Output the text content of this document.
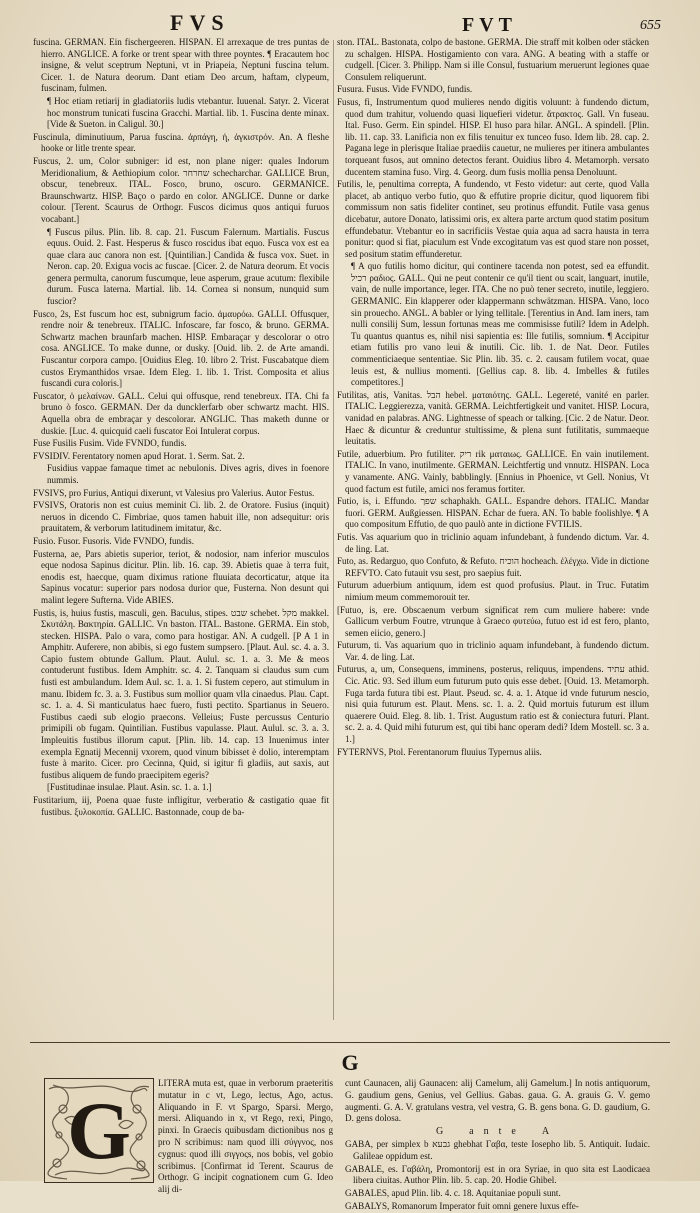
FVS	FVT	655

fuscina. GERMAN. Ein fischergeeren. HISPAN. El arrexaque de tres puntas de hierro. ANGLICE. A forke or trent spear with three poyntes. ¶ Eracautem hoc insigne, & velut sceptrum Neptuni, vt in Priapeia, Neptuni fuscina telum. Cicer. 1. de Natura deorum. Dant etiam Deo arcum, haftam, clypeum, fuscinam, fulmen.

¶ Hoc etiam retiarij in gladiatoriis ludis vtebantur. Iuuenal. Satyr. 2. Vicerat hoc monstrum tunicati fuscina Gracchi. Martial. lib. 1. Fuscina dente minax. [Vide & Sueton. in Caligul. 30.]

Fuscinula, diminutiuum, Parua fuscina. ἁρπάγη, ἡ, ἁγκιστρόν. An. A fleshe hooke or litle trente spear.

Fuscus, 2. um, Color subniger: id est, non plane niger: quales Indorum Meridionalium, & Aethiopium color. שחרחר schecharchar. GALLICE Brun, obscur, tenebreux. ITAL. Fosco, bruno, oscuro. GERMANICE. Braunschwartz. HISP. Baço o pardo en color. ANGLICE. Dunne or darke colour. [Terent. Scaurus de Orthogr. Fuscos dicimus quos antiqui furuos vocabant.]

¶ Fuscus pilus. Plin. lib. 8. cap. 21. Fuscum Falernum. Martialis. Fuscus equus. Ouid. 2. Fast. Hesperus & fusco roscidus ibat equo. Fusca vox est ea quae clara auc canora non est. [Quintilian.] Candida & fusca vox. Suet. in Neron. cap. 20. Exigua vocis ac fuscae. [Cicer. 2. de Natura deorum. Et vocis genera permulta, canorum fuscumque, leue asperum, graue acutum: flexibile durum. Fusca laterna. Martial. lib. 14. Cornea si nonsum, nunquid sum fuscior?

Fusco, 2s, Est fuscum hoc est, subnigrum facio. ἀμαυρόω. GALLI. Offusquer, rendre noir & tenebreux. ITALIC. Infoscare, far fosco, & bruno. GERMA. Schwartz machen braunfarb machen. HISP. Embaraçar y descolorar o otro cosa. ANGLICE. To make dunne, or dusky. [Ouid. lib. 2. de Arte amandi. Fuscantur corpora campo. [Ouidius Eleg. 10. libro 2. Trist. Fuscabatque diem custos Erymanthidos vrsae. Idem Eleg. 1. lib. 1. Trist. Composita et alius fuscandi cura coloris.]

Fuscator, ὁ μελαίνων. GALL. Celui qui offusque, rend tenebreux. ITA. Chi fa bruno ò fosco. GERMAN. Der da duncklerfarb ober schwartz macht. HIS. Aquella obra de embraçar y descolorar. ANGLIC. Thas maketh dunne or duskie. [Luc. 4. quicquid caeli fuscator Eoi Intulerat corpus.

Fuse Fusilis Fusim. Vide FVNDO, fundis.

FVSIDIV. Ferentatory nomen apud Horat. 1. Serm. Sat. 2.

Fusidius vappae famaque timet ac nebulonis. Dives agris, dives in foenore nummis.

FVSIVS, pro Furius, Antiqui dixerunt, vt Valesius pro Valerius. Autor Festus.

FVSIVS, Oratoris non est cuius meminit Ci. lib. 2. de Oratore. Fusius (inquit) neruos in dicendo C. Fimbriae, quos tamen habuit ille, non adsequitur: oris prauitatem, & verborum latitudinem imitatur, &c.

Fusio. Fusor. Fusoris. Vide FVNDO, fundis.

Fusterna, ae, Pars abietis superior, teriot, & nodosior, nam inferior musculos eque nodosa Sapinus dicitur. Plin. lib. 16. cap. 39. Abietis quae à terra fuit, enodis est, haecque, quam diximus ratione fluuiata decorticatur, atque ita Sapinus vocatur: superior pars nodosa durior que, Fusterna. Non desunt qui malint legere Sufterna. Vide ABIES.

Fustis, is, huius fustis, masculi, gen. Baculus, stipes. שבט schebet. מקל makkel. Σκυτάλη. Βακτηρία. GALLIC. Vn baston. ITAL. Bastone. GERMA. Ein stob, stecken. HISPA. Palo o vara, como para hostigar. AN. A cudgell. [P A 1 in Amphitr. Auferere, non abibis, si ego fustem sumpsero. [Plaut. Aul. sc. 4. a. 3. Capio fustem obtunde Gallum. Plaut. Aulul. sc. 1. a. 3. Me & meos contuderunt fustibus. Idem Amphitr. sc. 4. 2. Tanquam si claudus sum cum fusti est ambulandum. Idem Aul. sc. 1. a. 1. Si fustem cepero, aut stimulum in manu. Ibidem fc. 3. a. 3. Fustibus sum mollior quam vlla cinaedus. Plau. Capt. sc. 1. a. 4. Si manticulatus haec fuero, fusti pectito. Spartianus in Seuero. Fustibus caedi sub elogio praecons. Velleius; Fuste percussus Centurio primipili ob fugam. Quintilian. Fustibus vapulasse. Plaut. Aulul. sc. 3. a. 3. Impleuitis fustibus illorum caput. [Plin. lib. 14. cap. 13 Inuenimus inter exempla Egnatij Mecennij vxorem, quod vinum bibisset è dolio, interemptam fuste à marito. Cicer. pro Cecinna, Quid, si igitur fi gladiis, aut saxis, aut fustibus aliquem de fundo praecipitem egeris?

[Fustitudinae insulae. Plaut. Asin. sc. 1. a. 1.]

Fustitarium, iij, Poena quae fuste infligitur, verberatio & castigatio quae fit fustibus. ξυλοκοπία. GALLIC. Bastonnade, coup de ba-

ston. ITAL. Bastonata, colpo de bastone. GERMA. Die straff mit kolben oder stäcken zu schalgen. HISPA. Hostigamiento con vara. ANG. A beating with a staffe or cudgell. [Cicer. 3. Philipp. Nam si ille Consul, fustuarium meruerunt legiones quae Consulem reliquerunt.

Fusura. Fusus. Vide FVNDO, fundis.

Fusus, fi, Instrumentum quod mulieres nendo digitis voluunt: à fundendo dictum, quod dum trahitur, voluendo quasi liquefieri videtur. ἄτρακτος. Gall. Vn fuseau. Ital. Fuso. Germ. Ein spindel. HISP. El huso para hilar. ANGL. A spindell. [Plin. lib. 11. cap. 33. Lanificia non ex filis tenuitur ex tunceo fuso. Idem lib. 28. cap. 2. Pagana lege in plerisque Italiae praediis cauetur, ne mulieres per itinera ambulantes torqueant fusos, aut omnino detectos ferant. Ouidius libro 4. Metamorph. versato ducentem stamina fuso. Virg. 4. Georg. dum fusis mollia pensa Denoluunt.

Futilis, le, penultima correpta, A fundendo, vt Festo videtur: aut certe, quod Valla placet, ab antiquo verbo futio, quo & effutire proprie dicitur, quod liquorem fibi commissum non satis fideliter continet, seu protinus effundit. Futile vasa genus dicebatur, autore Donato, latissimi oris, ex altera parte arctum quod statim positum effundebatur. Vtebantur eo in sacrificiis Vestae quia aqua ad sacra hausta in terra ponitur: quod si fiat, piaculum est Vnde excogitatum vas est quod stare non posset, sed positum statim effunderetur.

¶ A quo futilis homo dicitur, qui continere tacenda non potest, sed ea effundit. רכיל ραδιος. GALL. Qui ne peut contenir ce qu'il tient ou scait, languart, inutile, vain, de nulle importance, leger. ITA. Che no può tener secreto, inutile, leggiero. GERMANIC. Ein klapperer oder klappermann schwätzman. HISPA. Vano, loco sin prouecho. ANGL. A babler or lying tellitale. [Terentius in And. Iam iners, tam nulli consilij Sum, lessun fortunas meas me commisisse futili? Idem in Adelph. Tu quantus quantus es, nihil nisi sapientia es: Ille futilis, somnium. ¶ Accipitur etiam futilis pro vano leui & inutili. Cic. lib. 1. de Nat. Deor. Futiles commenticiaeque sententiae. Sic Plin. lib. 35. c. 2. causam futilem vocat, quae leuis est, & nullius momenti. [Gellius cap. 8. lib. 4. Imbelles & futiles competitores.]

Futilitas, atis, Vanitas. הבל hebel. ματαιότης. GALL. Legereté, vanité en parler. ITALIC. Leggierezza, vanità. GERMA. Leichtfertigkeit und vanitet. HISP. Locura, vanidad en palabras. ANG. Lightnesse of speach or talking. [Cic. 2 de Natur. Deor. Haec & dicuntur & creduntur stultissime, & plena sunt futilitatis, summaeque leuitatis.

Futile, aduerbium. Pro futiliter. ריק rik ματαιως. GALLICE. En vain inutilement. ITALIC. In vano, inutilmente. GERMAN. Leichtfertig und vnnutz. HISPAN. Loca y vanamente. ANG. Vainly, babblingly. [Ennius in Phoenice, vt Gell. Nonius, Vt quod factum est futile, amici nos feramus fortiter.

Futio, is, i. Effundo. שפך schaphakh. GALL. Espandre dehors. ITALIC. Mandar fuori. GERM. Außgiessen. HISPAN. Echar de fuera. AN. To bable foolishlye. ¶ A quo compositum Effutio, de quo paulò ante in dictione FVTILIS.

Futis. Vas aquarium quo in triclinio aquam infundebant, à fundendo dictum. Var. 4. de ling. Lat.

Futo, as. Redarguo, quo Confuto, & Refuto. הוכיח hocheach. ἐλέγχω. Vide in dictione REFVTO. Cato futauit vsu sest, pro saepius fuit.

Futurum aduerbium antiquum, idem est quod profusius. Plaut. in Truc. Futatim nimium meum commemorouit ter.

[Futuo, is, ere. Obscaenum verbum significat rem cum muliere habere: vnde Gallicum verbum Foutre, vtrunque à Graeco φυτεύω, futuo est id est fero, planto, semen eiicio, genero.]

Futurum, ti. Vas aquarium quo in triclinio aquam infundebant, à fundendo dictum. Var. 4. de ling. Lat.

Futurus, a, um, Consequens, imminens, posterus, reliquus, impendens. עתיד athid. Cic. Atic. 93. Sed illum eum futurum puto quis esse debet. [Ouid. 13. Metamorph. Fuga tarda futura tibi est. Plaut. Pseud. sc. 4. a. 1. Atque id vnde futurum nescio, nisi quia futurum est. Plaut. Mens. sc. 1. a. 2. Quid mortuis futurum est illum quaerere Ouid. Eleg. 8. lib. 1. Trist. Augustum ratio est & coniectura futuri. Plant. sc. 2. a. 4. Quid mihi futurum est, qui tibi hanc operam dedi? Idem Mostell. sc. 3 a. 1.]

FYTERNVS, Ptol. Ferentanorum fluuius Typernus aliis.

G
G
LITERA muta est, quae in verborum praeteritis mutatur in c vt, Lego, lectus, Ago, actus. Aliquando in F. vt Spargo, Sparsi. Mergo, mersi. Aliquando in x, vt Rego, rexi, Pingo, pinxi. In Graecis quibusdam dictionibus nos g pro N scribimus: nam quod illi σύγγνος, nos cygnus: quod illi σιγγοςs, nos bobis, vel gobio scribimus. [Confirmat id Terent. Scaurus de Orthogr. G incipit cognationem cum G. Ideo alij di-

cunt Caunacen, alij Gaunacen: alij Camelum, alij Gamelum.] In notis antiquorum, G. gaudium gens, Genius, vel Gellius. Gabas. gaua. G. A. grauis G. V. gemo augmenti. G. A. V. gratulans vestra, vel vestra, G. B. gens bona. G. D. gaudium, G. D. gens dolosa.

G ante A

GABA, per simplex b גבעא ghebhat Γαβα, teste Iosepho lib. 5. Antiquit. Iudaic. Galileae oppidum est.

GABALE, es. Γαβάλη, Promontorij est in ora Syriae, in quo sita est Laodicaea libera ciuitas. Author Plin. lib. 5. cap. 20. Hodie Ghibel.

GABALES, apud Plin. lib. 4. c. 18. Aquitaniae populi sunt.

GABALYS, Romanorum Imperator fuit omni genere luxus effe-
